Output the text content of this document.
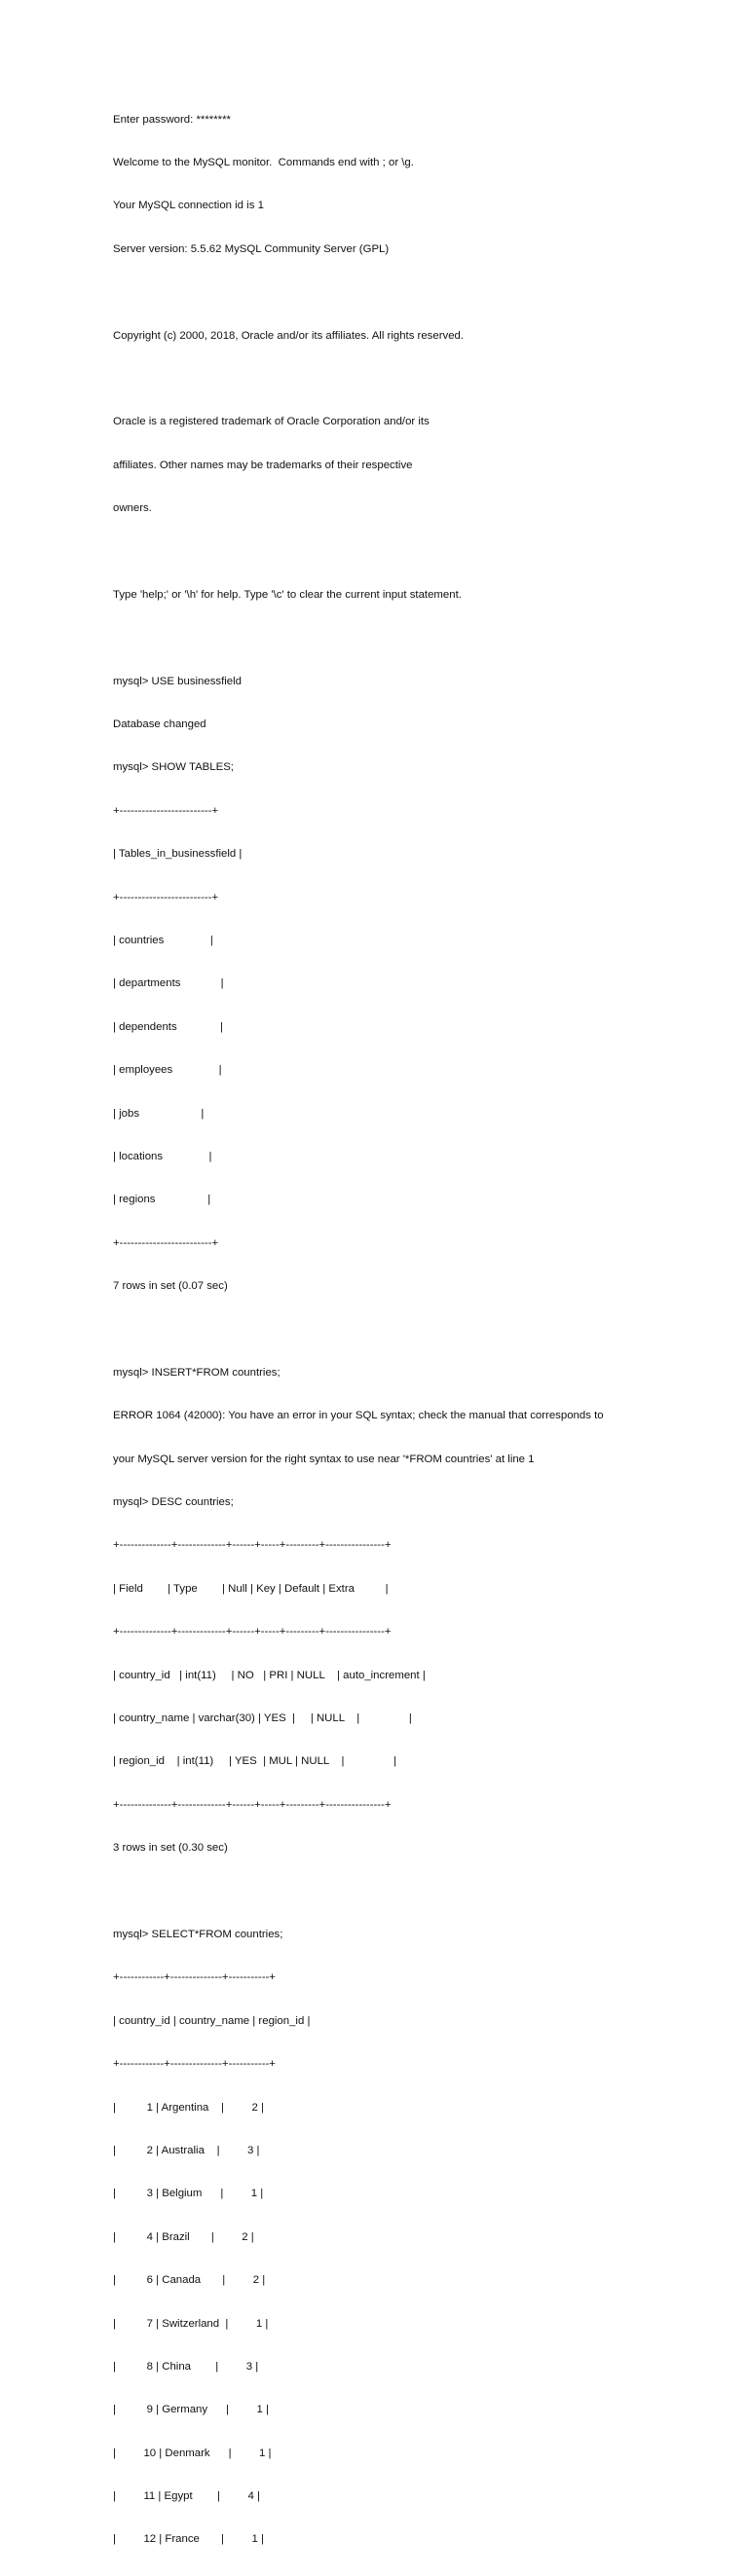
Enter password: ********

Welcome to the MySQL monitor.  Commands end with ; or \g.

Your MySQL connection id is 1

Server version: 5.5.62 MySQL Community Server (GPL)

Copyright (c) 2000, 2018, Oracle and/or its affiliates. All rights reserved.

Oracle is a registered trademark of Oracle Corporation and/or its

affiliates. Other names may be trademarks of their respective

owners.

Type 'help;' or '\h' for help. Type '\c' to clear the current input statement.

mysql> USE businessfield

Database changed

mysql> SHOW TABLES;

+-------------------------+

| Tables_in_businessfield |

+-------------------------+

| countries               |

| departments             |

| dependents              |

| employees               |

| jobs                    |

| locations               |

| regions                 |

+-------------------------+

7 rows in set (0.07 sec)

mysql> INSERT*FROM countries;

ERROR 1064 (42000): You have an error in your SQL syntax; check the manual that corresponds to

your MySQL server version for the right syntax to use near '*FROM countries' at line 1

mysql> DESC countries;

+--------------+-------------+------+-----+---------+----------------+

| Field        | Type        | Null | Key | Default | Extra          |

+--------------+-------------+------+-----+---------+----------------+

| country_id   | int(11)     | NO   | PRI | NULL    | auto_increment |

| country_name | varchar(30) | YES  |     | NULL    |                |

| region_id    | int(11)     | YES  | MUL | NULL    |                |

+--------------+-------------+------+-----+---------+----------------+

3 rows in set (0.30 sec)

mysql> SELECT*FROM countries;

+------------+--------------+-----------+

| country_id | country_name | region_id |

+------------+--------------+-----------+

|          1 | Argentina    |         2 |

|          2 | Australia    |         3 |

|          3 | Belgium      |         1 |

|          4 | Brazil       |         2 |

|          6 | Canada       |         2 |

|          7 | Switzerland  |         1 |

|          8 | China        |         3 |

|          9 | Germany      |         1 |

|         10 | Denmark      |         1 |

|         11 | Egypt        |         4 |

|         12 | France       |         1 |
